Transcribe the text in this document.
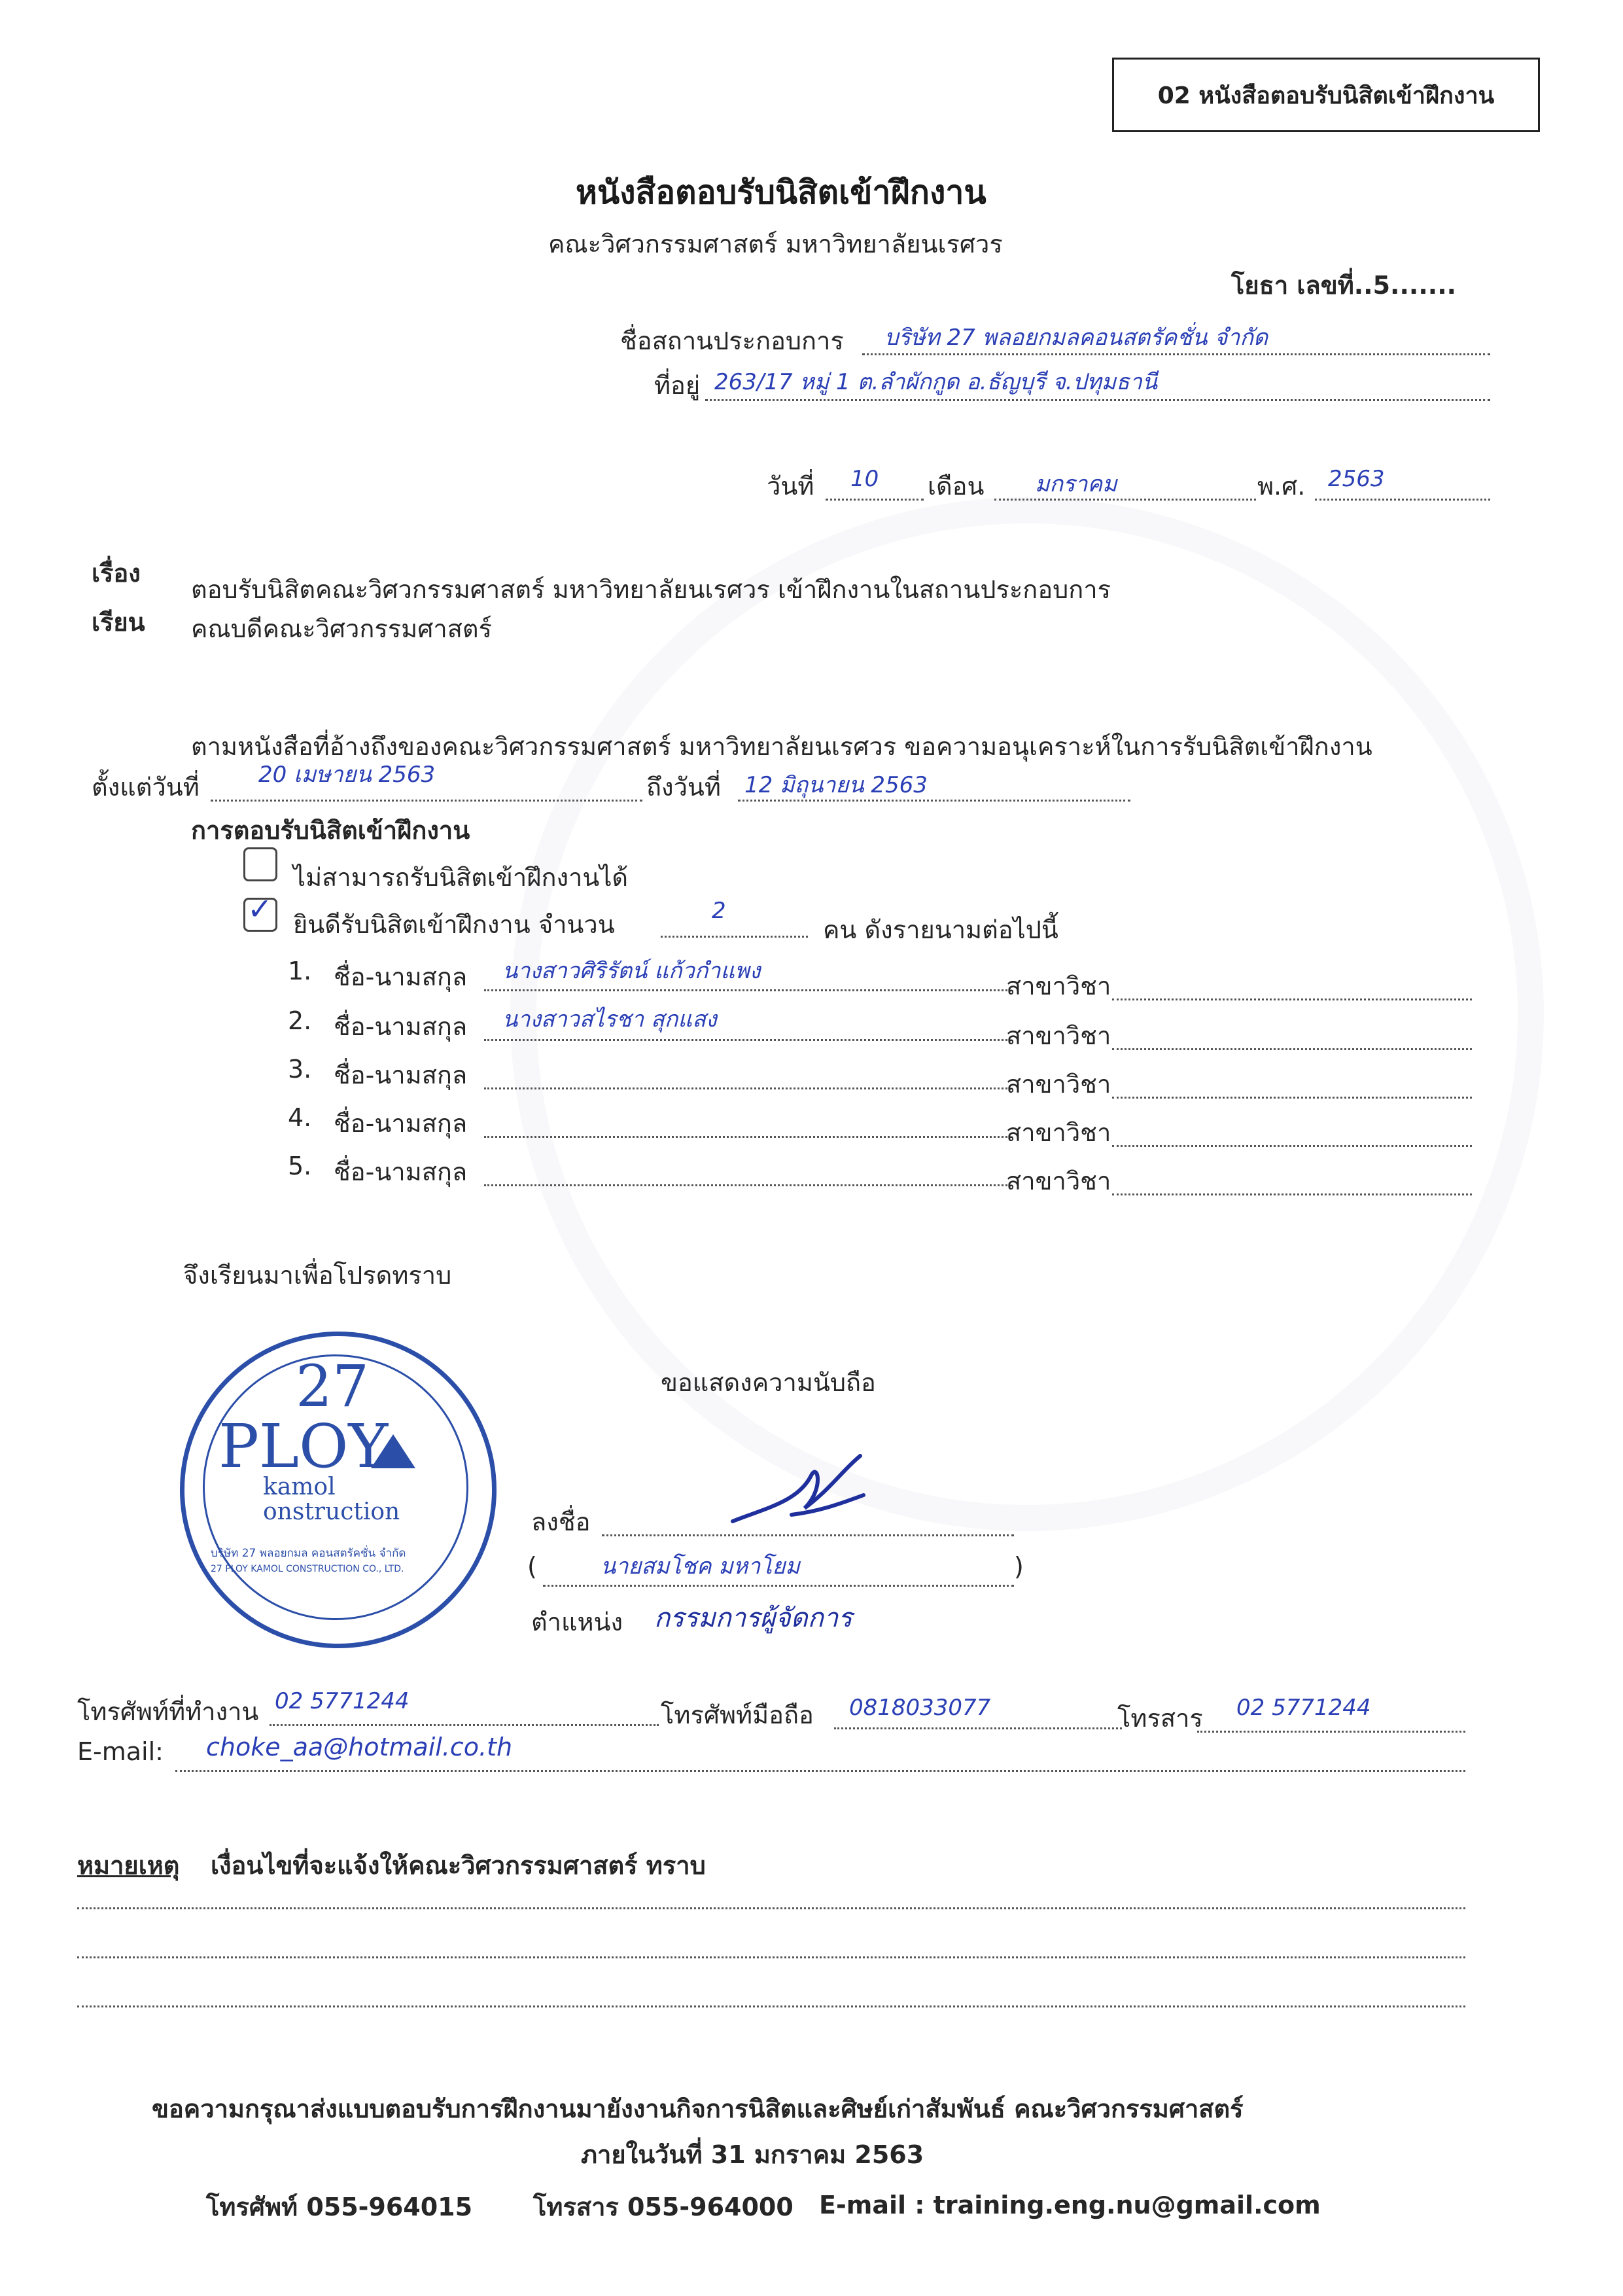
02 หนังสือตอบรับนิสิตเข้าฝึกงาน
หนังสือตอบรับนิสิตเข้าฝึกงาน
คณะวิศวกรรมศาสตร์ มหาวิทยาลัยนเรศวร
โยธา เลขที่..5.......
ชื่อสถานประกอบการ บริษัท 27 พลอยกมลคอนสตรัคชั่น จำกัด
ที่อยู่ 263/17 หมู่ 1 ต.ลำผักกูด อ.ธัญบุรี จ.ปทุมธานี
วันที่ 10 เดือน มกราคม	พ.ศ. 2563
เรื่อง
ตอบรับนิสิตคณะวิศวกรรมศาสตร์ มหาวิทยาลัยนเรศวร เข้าฝึกงานในสถานประกอบการ
เรียน คณบดีคณะวิศวกรรมศาสตร์
ตามหนังสือที่อ้างถึงของคณะวิศวกรรมศาสตร์ มหาวิทยาลัยนเรศวร ขอความอนุเคราะห์ในการรับนิสิตเข้าฝึกงาน
ตั้งแต่วันที่	20 เมษายน 2563	ถึงวันที่ 12 มิถุนายน 2563
การตอบรับนิสิตเข้าฝึกงาน
ไม่สามารถรับนิสิตเข้าฝึกงานได้
✓ ยินดีรับนิสิตเข้าฝึกงาน จำนวน	2
คน ดังรายนามต่อไปนี้
1. ชื่อ-นามสกุล นางสาวศิริรัตน์ แก้วกำแพง
สาขาวิชา
2. ชื่อ-นามสกุล นางสาวสไรชา สุกแสง
สาขาวิชา
3. ชื่อ-นามสกุล	สาขาวิชา
4. ชื่อ-นามสกุล	สาขาวิชา
5. ชื่อ-นามสกุล	สาขาวิชา
จึงเรียนมาเพื่อโปรดทราบ
ขอแสดงความนับถือ
27
PLOY
kamol
onstruction
บริษัท 27 พลอยกมล คอนสตรัคชั่น จำกัด
27 PLOY KAMOL CONSTRUCTION CO., LTD.
ลงชื่อ
(	นายสมโชค มหาโยม	)
ตำแหน่ง กรรมการผู้จัดการ
โทรศัพท์ที่ทำงาน 02 5771244	โทรศัพท์มือถือ 0818033077	โทรสาร 02 5771244
E-mail: choke_aa@hotmail.co.th
หมายเหตุ เงื่อนไขที่จะแจ้งให้คณะวิศวกรรมศาสตร์ ทราบ
ขอความกรุณาส่งแบบตอบรับการฝึกงานมายังงานกิจการนิสิตและศิษย์เก่าสัมพันธ์ คณะวิศวกรรมศาสตร์
ภายในวันที่ 31 มกราคม 2563
โทรศัพท์ 055-964015 โทรสาร 055-964000 E-mail : training.eng.nu@gmail.com
